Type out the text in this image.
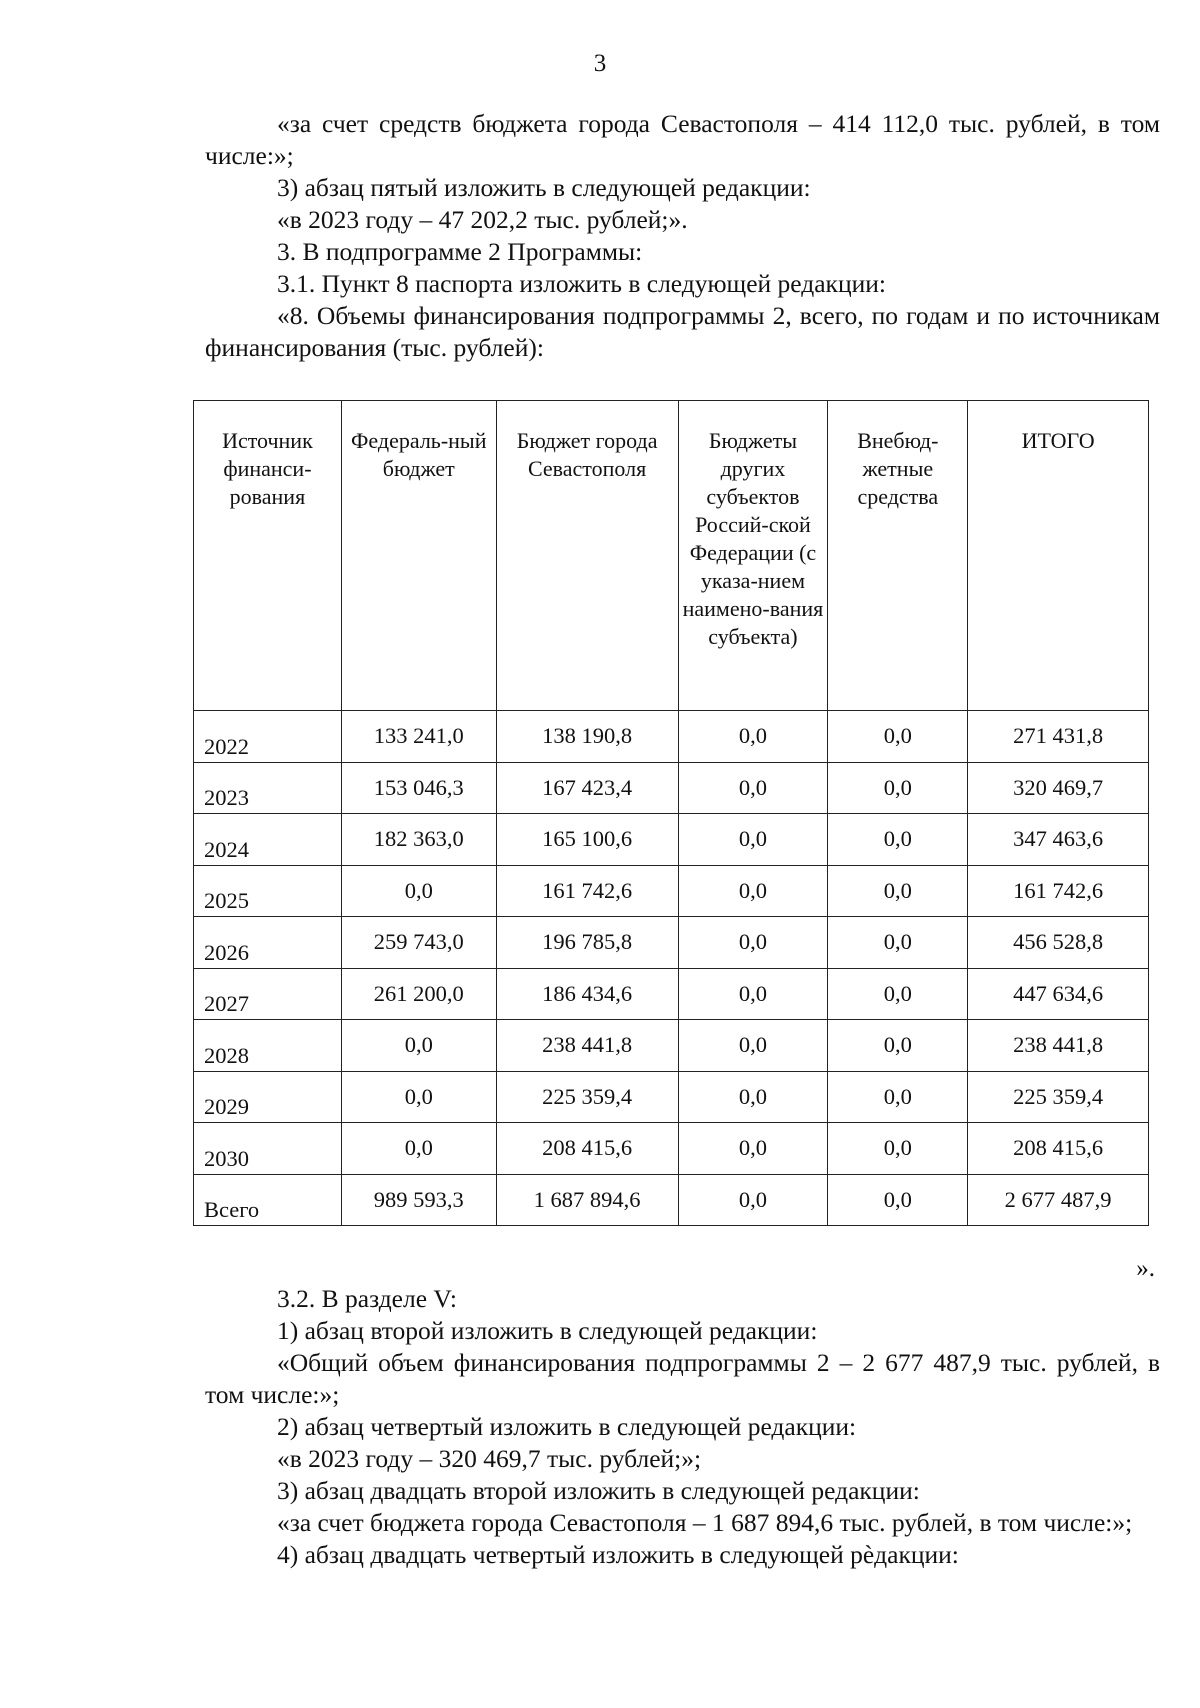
3

«за счет средств бюджета города Севастополя – 414 112,0 тыс. рублей, в том числе:»;

3) абзац пятый изложить в следующей редакции:

«в 2023 году – 47 202,2 тыс. рублей;».

3. В подпрограмме 2 Программы:

3.1. Пункт 8 паспорта изложить в следующей редакции:

«8. Объемы финансирования подпрограммы 2, всего, по годам и по источникам финансирования (тыс. рублей):

Источник финанси-рования	Федераль-ный бюджет	Бюджет города Севастополя	Бюджеты других субъектов Россий-ской Федерации (с указа-нием наимено-вания субъекта)	Внебюд-жетные средства	ИТОГО
2022	133 241,0	138 190,8	0,0	0,0	271 431,8
2023	153 046,3	167 423,4	0,0	0,0	320 469,7
2024	182 363,0	165 100,6	0,0	0,0	347 463,6
2025	0,0	161 742,6	0,0	0,0	161 742,6
2026	259 743,0	196 785,8	0,0	0,0	456 528,8
2027	261 200,0	186 434,6	0,0	0,0	447 634,6
2028	0,0	238 441,8	0,0	0,0	238 441,8
2029	0,0	225 359,4	0,0	0,0	225 359,4
2030	0,0	208 415,6	0,0	0,0	208 415,6
Всего	989 593,3	1 687 894,6	0,0	0,0	2 677 487,9
».

3.2. В разделе V:

1) абзац второй изложить в следующей редакции:

«Общий объем финансирования подпрограммы 2 – 2 677 487,9 тыс. рублей, в том числе:»;

2) абзац четвертый изложить в следующей редакции:

«в 2023 году – 320 469,7 тыс. рублей;»;

3) абзац двадцать второй изложить в следующей редакции:

«за счет бюджета города Севастополя – 1 687 894,6 тыс. рублей, в том числе:»;

4) абзац двадцать четвертый изложить в следующей рѐдакции:
